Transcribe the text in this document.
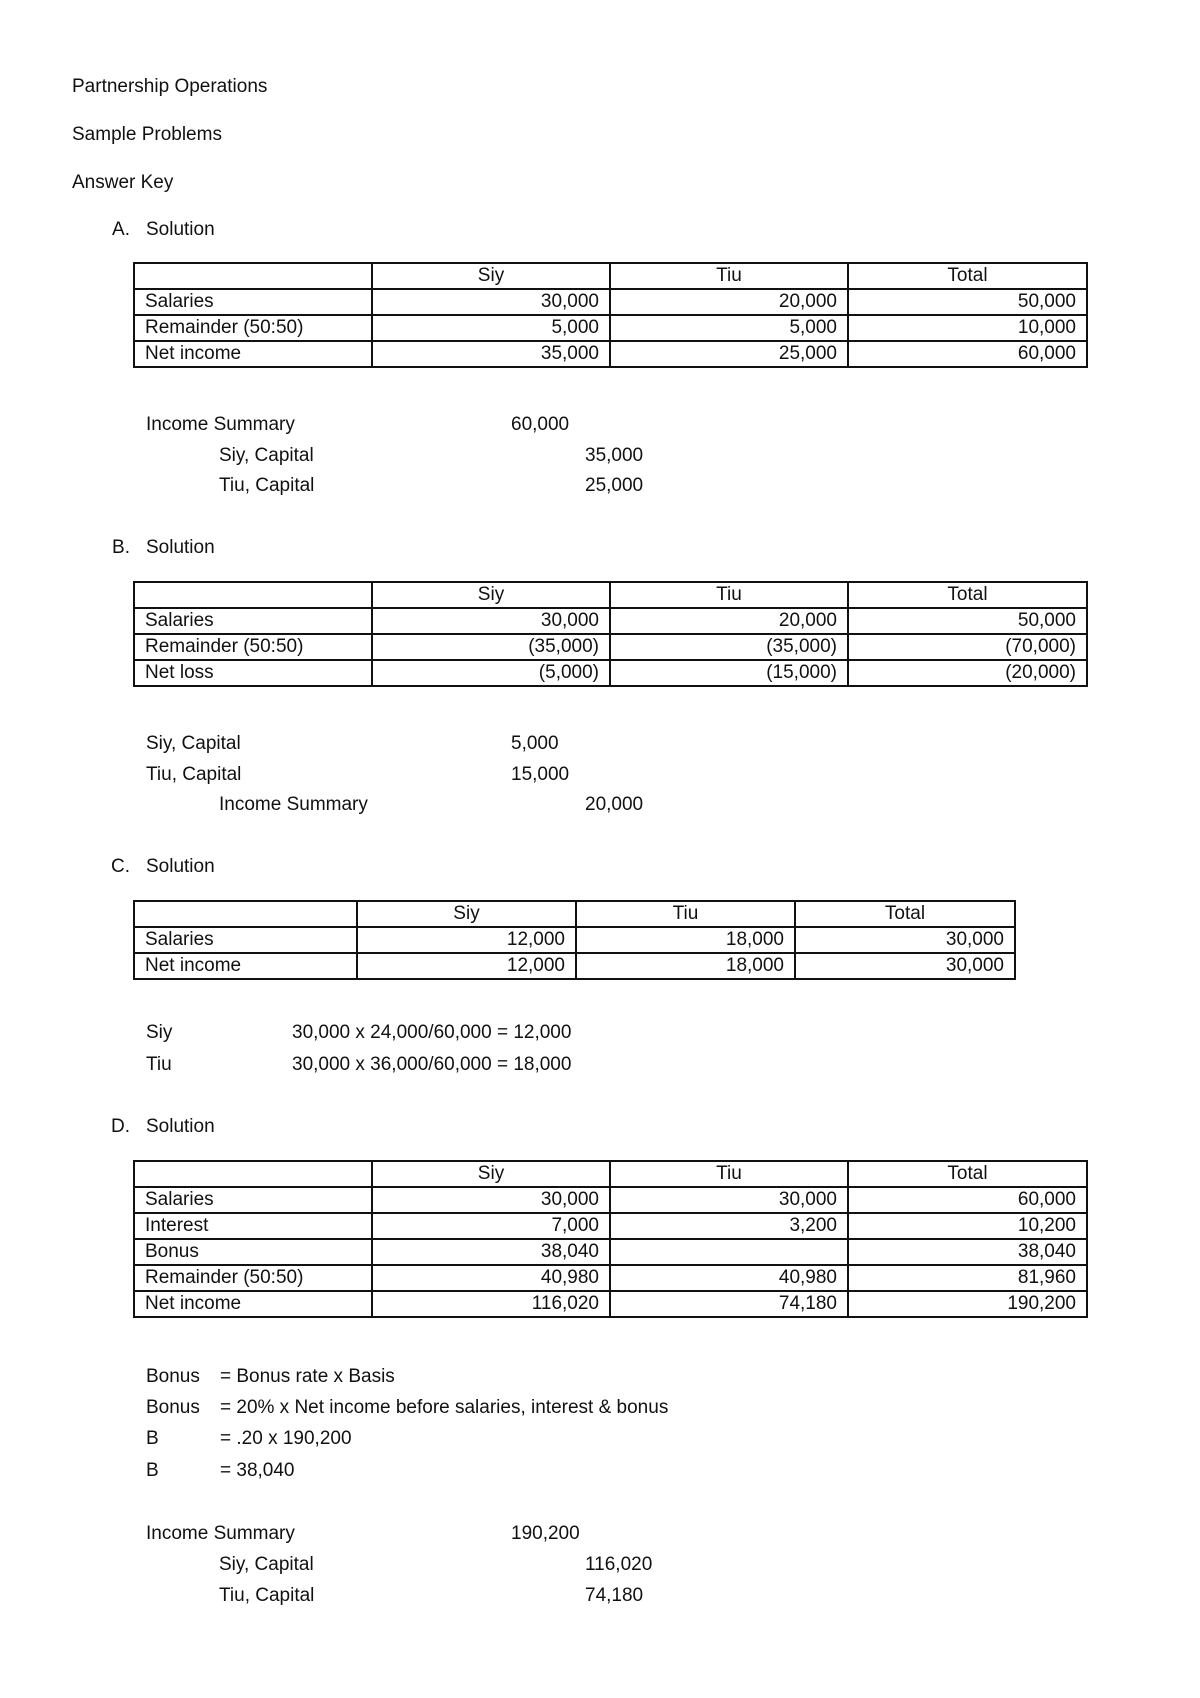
Partnership Operations
Sample Problems
Answer Key
A. Solution
	Siy	Tiu	Total
Salaries	30,000	20,000	50,000
Remainder (50:50)	5,000	5,000	10,000
Net income	35,000	25,000	60,000
Income Summary	60,000
Siy, Capital	35,000
Tiu, Capital	25,000
B. Solution
	Siy	Tiu	Total
Salaries	30,000	20,000	50,000
Remainder (50:50)	(35,000)	(35,000)	(70,000)
Net loss	(5,000)	(15,000)	(20,000)
Siy, Capital	5,000
Tiu, Capital	15,000
Income Summary	20,000
C. Solution
	Siy	Tiu	Total
Salaries	12,000	18,000	30,000
Net income	12,000	18,000	30,000
Siy	30,000 x 24,000/60,000 = 12,000
Tiu	30,000 x 36,000/60,000 = 18,000
D. Solution
	Siy	Tiu	Total
Salaries	30,000	30,000	60,000
Interest	7,000	3,200	10,200
Bonus	38,040		38,040
Remainder (50:50)	40,980	40,980	81,960
Net income	116,020	74,180	190,200
Bonus = Bonus rate x Basis
Bonus = 20% x Net income before salaries, interest & bonus
B	= .20 x 190,200
B	= 38,040
Income Summary	190,200
Siy, Capital	116,020
Tiu, Capital	74,180
